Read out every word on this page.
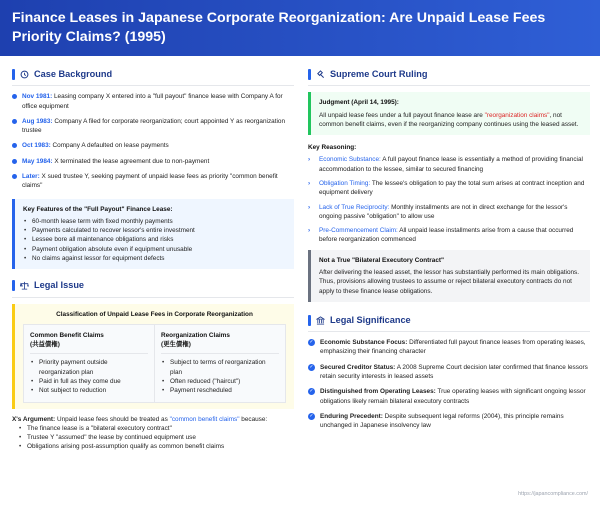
Finance Leases in Japanese Corporate Reorganization: Are Unpaid Lease Fees Priority Claims? (1995)
Case Background
Nov 1981: Leasing company X entered into a "full payout" finance lease with Company A for office equipment
Aug 1983: Company A filed for corporate reorganization; court appointed Y as reorganization trustee
Oct 1983: Company A defaulted on lease payments
May 1984: X terminated the lease agreement due to non-payment
Later: X sued trustee Y, seeking payment of unpaid lease fees as priority "common benefit claims"
Key Features of the "Full Payout" Finance Lease:
• 60-month lease term with fixed monthly payments
• Payments calculated to recover lessor's entire investment
• Lessee bore all maintenance obligations and risks
• Payment obligation absolute even if equipment unusable
• No claims against lessor for equipment defects
Legal Issue
Classification of Unpaid Lease Fees in Corporate Reorganization
Common Benefit Claims
(共益債権)
• Priority payment outside reorganization plan
• Paid in full as they come due
• Not subject to reduction
Reorganization Claims
(更生債権)
• Subject to terms of reorganization plan
• Often reduced ("haircut")
• Payment rescheduled
X's Argument: Unpaid lease fees should be treated as "common benefit claims" because:
• The finance lease is a "bilateral executory contract"
• Trustee Y "assumed" the lease by continued equipment use
• Obligations arising post-assumption qualify as common benefit claims
Supreme Court Ruling
Judgment (April 14, 1995):
All unpaid lease fees under a full payout finance lease are "reorganization claims", not common benefit claims, even if the reorganizing company continues using the leased asset.
Key Reasoning:
›	Economic Substance: A full payout finance lease is essentially a method of providing financial accommodation to the lessee, similar to secured financing
›	Obligation Timing: The lessee's obligation to pay the total sum arises at contract inception and equipment delivery
›	Lack of True Reciprocity: Monthly installments are not in direct exchange for the lessor's ongoing passive "obligation" to allow use
›	Pre-Commencement Claim: All unpaid lease installments arise from a cause that occurred before reorganization commenced
Not a True "Bilateral Executory Contract"
After delivering the leased asset, the lessor has substantially performed its main obligations. Thus, provisions allowing trustees to assume or reject bilateral executory contracts do not apply to these finance lease obligations.
Legal Significance
✓ Economic Substance Focus: Differentiated full payout finance leases from operating leases, emphasizing their financing character
✓ Secured Creditor Status: A 2008 Supreme Court decision later confirmed that finance lessors retain security interests in leased assets
✓ Distinguished from Operating Leases: True operating leases with significant ongoing lessor obligations likely remain bilateral executory contracts
✓ Enduring Precedent: Despite subsequent legal reforms (2004), this principle remains unchanged in Japanese insolvency law
https://japancompliance.com/
